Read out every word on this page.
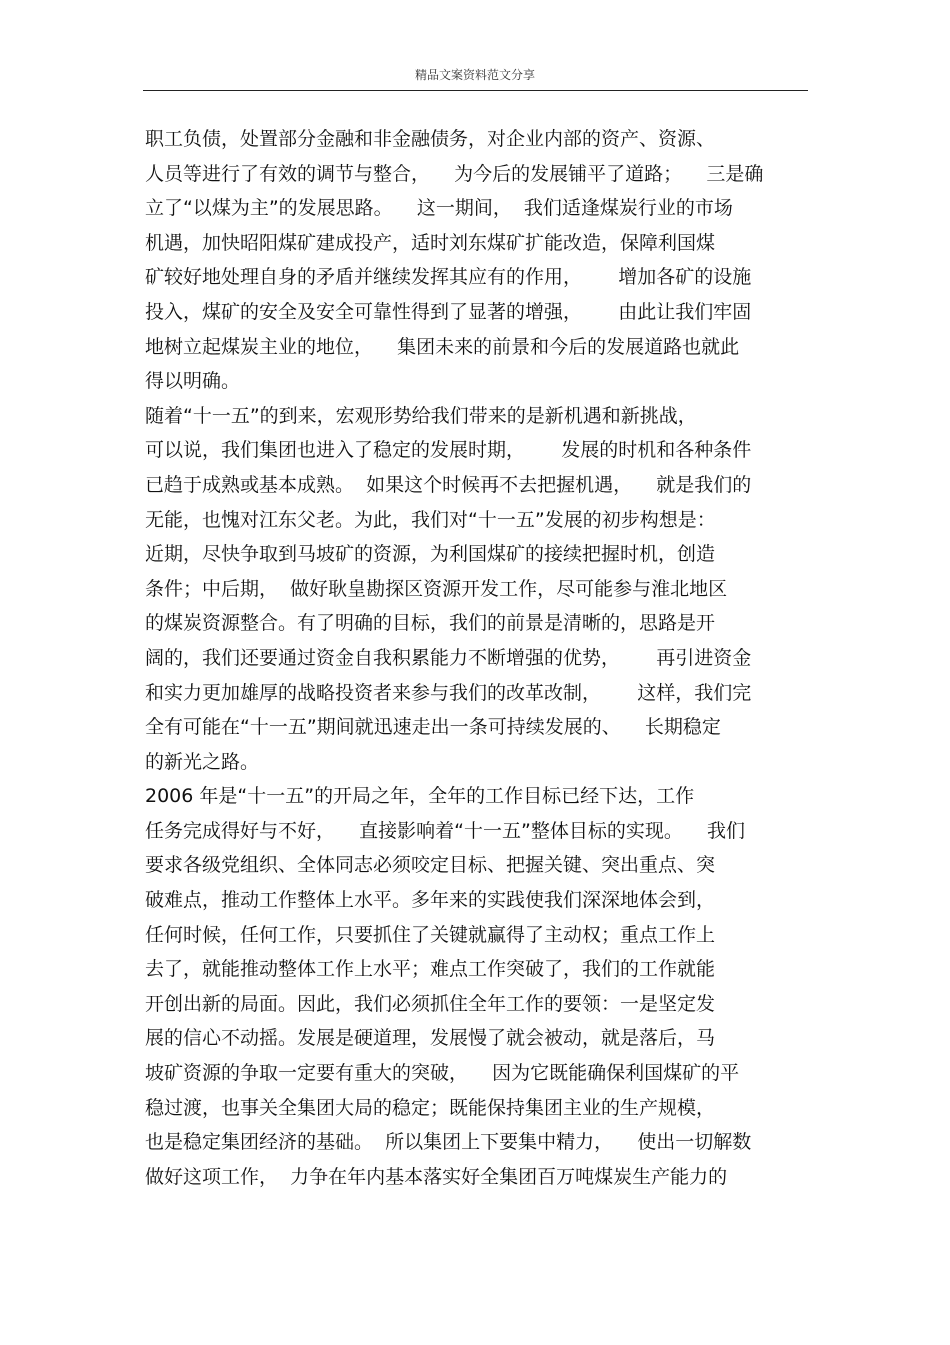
精品文案资料范文分享
职工负债，处置部分金融和非金融债务，对企业内部的资产、资源、
人员等进行了有效的调节与整合，    为今后的发展铺平了道路；    三是确
立了“以煤为主”的发展思路。    这一期间，  我们适逢煤炭行业的市场
机遇，加快昭阳煤矿建成投产，适时刘东煤矿扩能改造，保障利国煤
矿较好地处理自身的矛盾并继续发挥其应有的作用，      增加各矿的设施
投入，煤矿的安全及安全可靠性得到了显著的增强，      由此让我们牢固
地树立起煤炭主业的地位，    集团未来的前景和今后的发展道路也就此
得以明确。
随着“十一五”的到来，宏观形势给我们带来的是新机遇和新挑战，
可以说，我们集团也进入了稳定的发展时期，      发展的时机和各种条件
已趋于成熟或基本成熟。  如果这个时候再不去把握机遇，    就是我们的
无能，也愧对江东父老。为此，我们对“十一五”发展的初步构想是：
近期，尽快争取到马坡矿的资源，为利国煤矿的接续把握时机，创造
条件；中后期，  做好耿皇勘探区资源开发工作，尽可能参与淮北地区
的煤炭资源整合。有了明确的目标，我们的前景是清晰的，思路是开
阔的，我们还要通过资金自我积累能力不断增强的优势，      再引进资金
和实力更加雄厚的战略投资者来参与我们的改革改制，      这样，我们完
全有可能在“十一五”期间就迅速走出一条可持续发展的、    长期稳定
的新光之路。
2006 年是“十一五”的开局之年，全年的工作目标已经下达，工作
任务完成得好与不好，    直接影响着“十一五”整体目标的实现。    我们
要求各级党组织、全体同志必须咬定目标、把握关键、突出重点、突
破难点，推动工作整体上水平。多年来的实践使我们深深地体会到，
任何时候，任何工作，只要抓住了关键就赢得了主动权；重点工作上
去了，就能推动整体工作上水平；难点工作突破了，我们的工作就能
开创出新的局面。因此，我们必须抓住全年工作的要领：一是坚定发
展的信心不动摇。发展是硬道理，发展慢了就会被动，就是落后，马
坡矿资源的争取一定要有重大的突破，    因为它既能确保利国煤矿的平
稳过渡，也事关全集团大局的稳定；既能保持集团主业的生产规模，
也是稳定集团经济的基础。  所以集团上下要集中精力，    使出一切解数
做好这项工作，  力争在年内基本落实好全集团百万吨煤炭生产能力的
